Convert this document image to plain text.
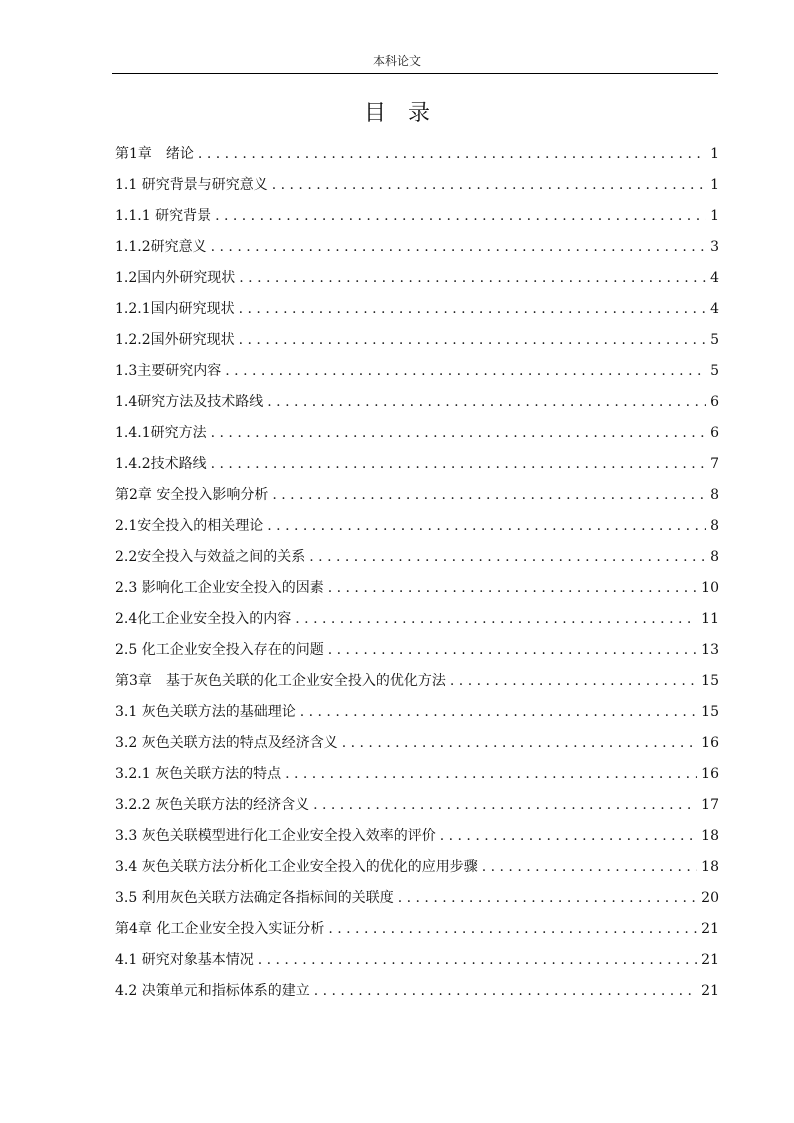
本科论文
目录
第1章　绪论 . . .	1
1.1 研究背景与研究意义 . . .	1
1.1.1 研究背景 . . .	1
1.1.2研究意义 . . .	3
1.2国内外研究现状 . . .	4
1.2.1国内研究现状 . . .	4
1.2.2国外研究现状 . . .	5
1.3主要研究内容 . . .	5
1.4研究方法及技术路线 . . .	6
1.4.1研究方法 . . .	6
1.4.2技术路线 . . .	7
第2章 安全投入影响分析 . . .	8
2.1安全投入的相关理论 . . .	8
2.2安全投入与效益之间的关系 . . .	8
2.3 影响化工企业安全投入的因素 . . .	10
2.4化工企业安全投入的内容 . . .	11
2.5 化工企业安全投入存在的问题 . . .	13
第3章　基于灰色关联的化工企业安全投入的优化方法 . . .	15
3.1 灰色关联方法的基础理论 . . .	15
3.2 灰色关联方法的特点及经济含义 . . .	16
3.2.1 灰色关联方法的特点 . . .	16
3.2.2 灰色关联方法的经济含义 . . .	17
3.3 灰色关联模型进行化工企业安全投入效率的评价 . . .	18
3.4 灰色关联方法分析化工企业安全投入的优化的应用步骤 . . .	18
3.5 利用灰色关联方法确定各指标间的关联度 . . .	20
第4章 化工企业安全投入实证分析 . . .	21
4.1 研究对象基本情况 . . .	21
4.2 决策单元和指标体系的建立 . . .	21
